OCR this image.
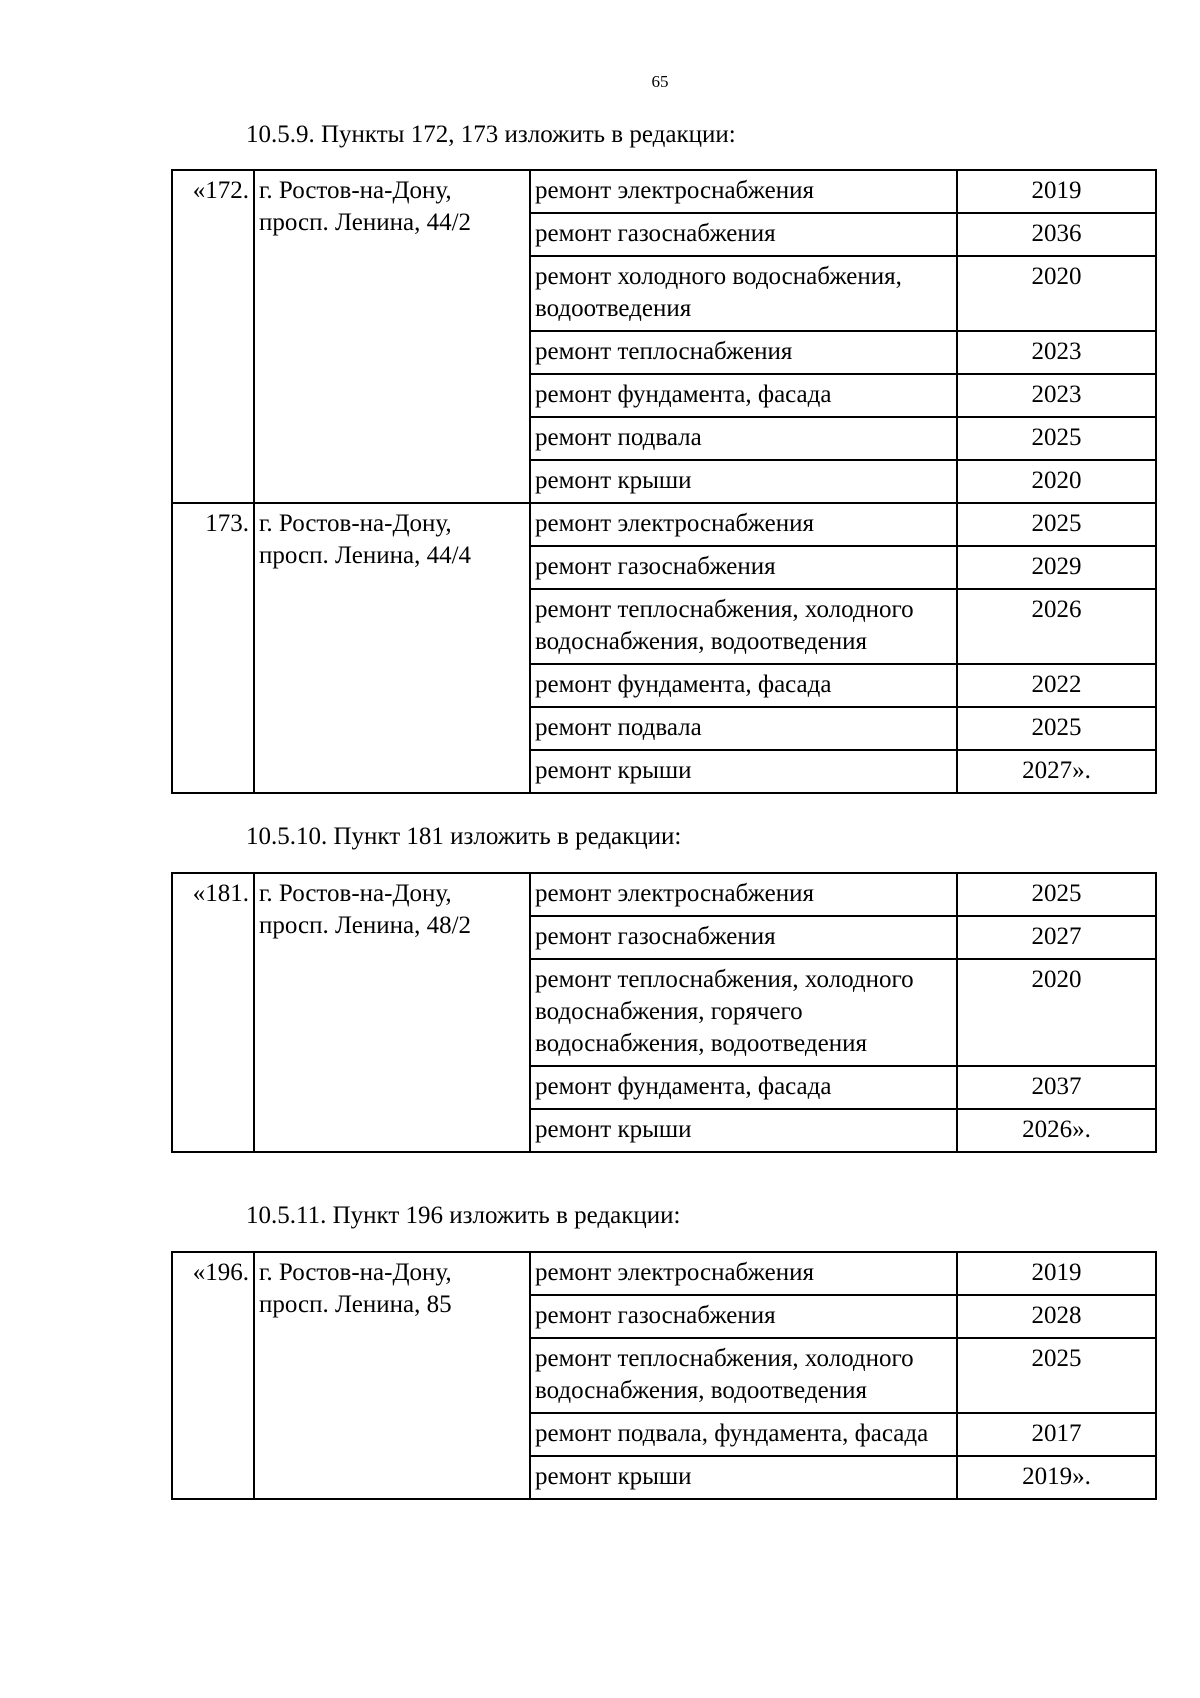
65
10.5.9. Пункты 172, 173 изложить в редакции:
«172.	г. Ростов-на-Дону,
просп. Ленина, 44/2	ремонт электроснабжения	2019
		ремонт газоснабжения	2036
		ремонт холодного водоснабжения, водоотведения	2020
		ремонт теплоснабжения	2023
		ремонт фундамента, фасада	2023
		ремонт подвала	2025
		ремонт крыши	2020
173.	г. Ростов-на-Дону,
просп. Ленина, 44/4	ремонт электроснабжения	2025
		ремонт газоснабжения	2029
		ремонт теплоснабжения, холодного водоснабжения, водоотведения	2026
		ремонт фундамента, фасада	2022
		ремонт подвала	2025
		ремонт крыши	2027».
10.5.10. Пункт 181 изложить в редакции:
«181.	г. Ростов-на-Дону,
просп. Ленина, 48/2	ремонт электроснабжения	2025
		ремонт газоснабжения	2027
		ремонт теплоснабжения, холодного водоснабжения, горячего водоснабжения, водоотведения	2020
		ремонт фундамента, фасада	2037
		ремонт крыши	2026».
10.5.11. Пункт 196 изложить в редакции:
«196.	г. Ростов-на-Дону,
просп. Ленина, 85	ремонт электроснабжения	2019
		ремонт газоснабжения	2028
		ремонт теплоснабжения, холодного водоснабжения, водоотведения	2025
		ремонт подвала, фундамента, фасада	2017
		ремонт крыши	2019».
